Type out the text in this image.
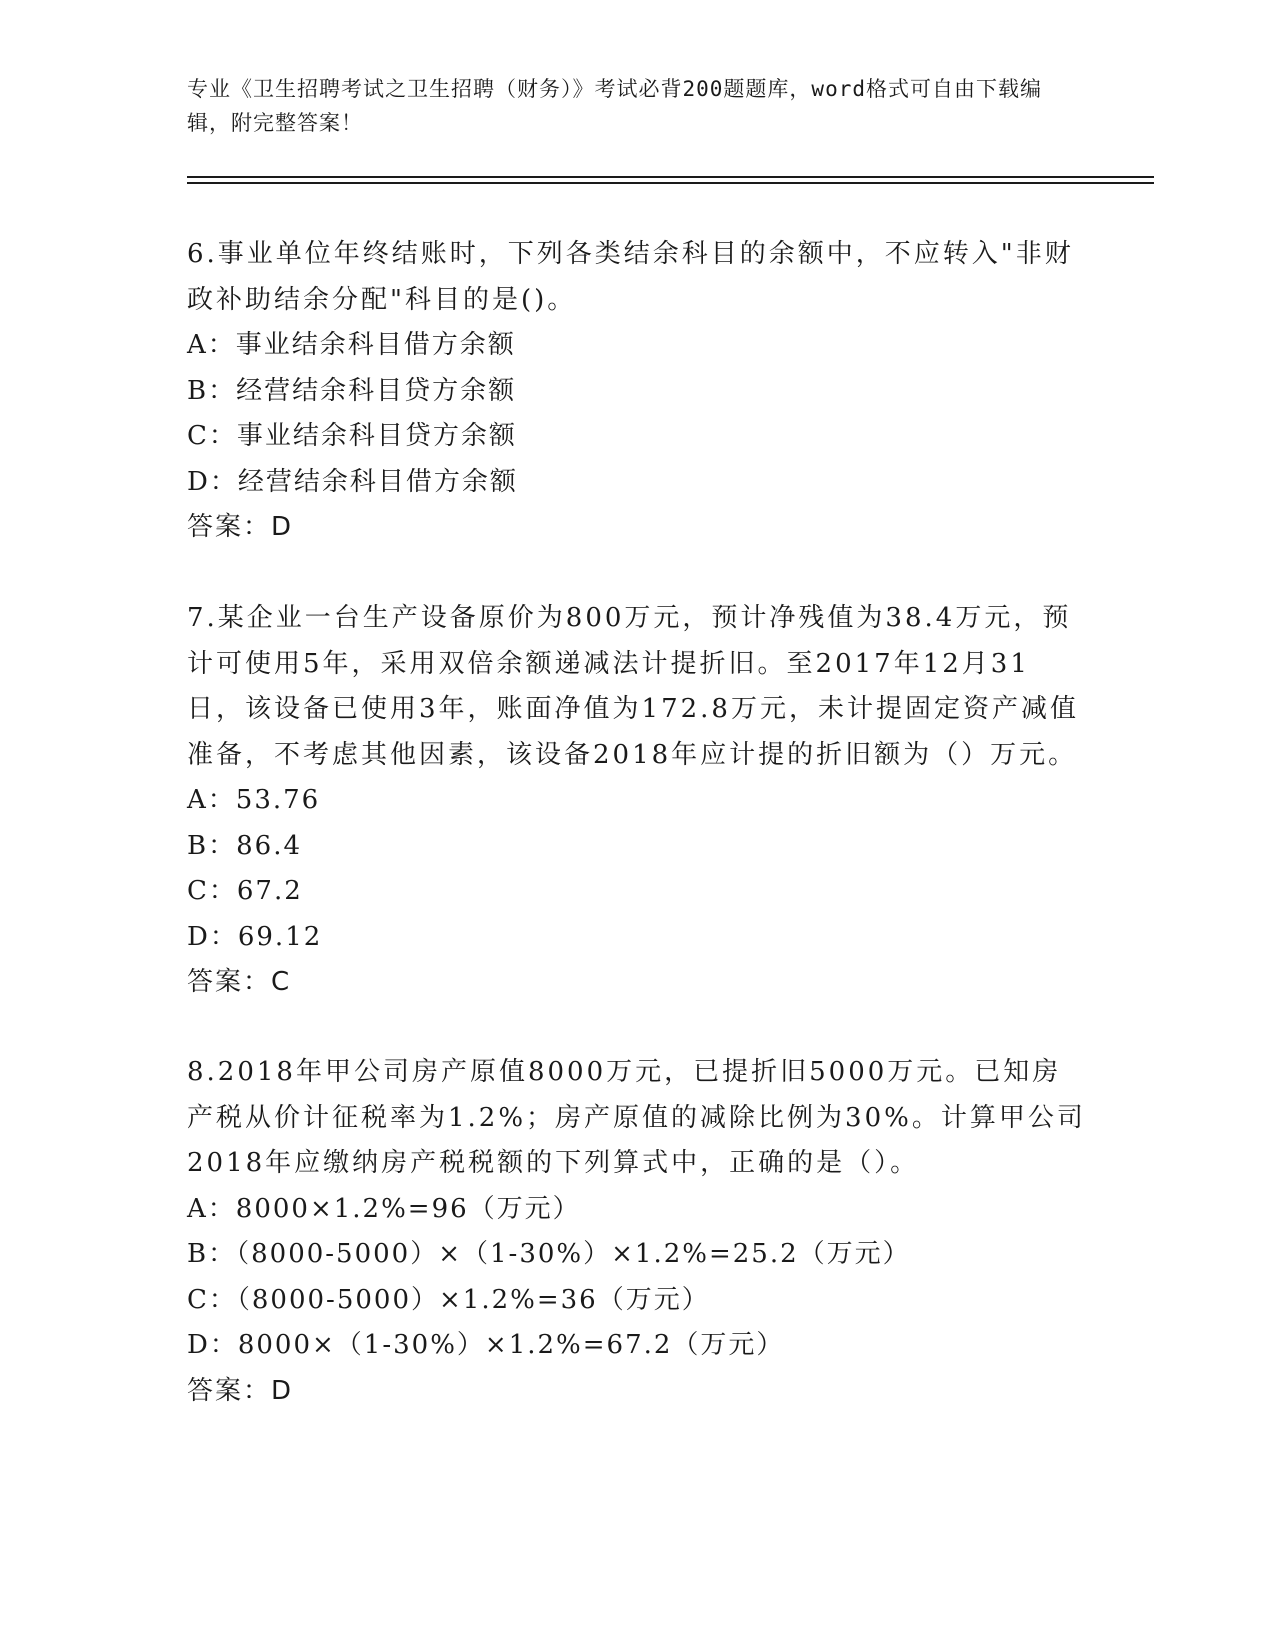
专业《卫生招聘考试之卫生招聘（财务）》考试必背200题题库，word格式可自由下载编辑，附完整答案！

6.事业单位年终结账时，下列各类结余科目的余额中，不应转入"非财政补助结余分配"科目的是()。

A：事业结余科目借方余额

B：经营结余科目贷方余额

C：事业结余科目贷方余额

D：经营结余科目借方余额

答案：D

7.某企业一台生产设备原价为800万元，预计净残值为38.4万元，预计可使用5年，采用双倍余额递减法计提折旧。至2017年12月31日，该设备已使用3年，账面净值为172.8万元，未计提固定资产减值准备，不考虑其他因素，该设备2018年应计提的折旧额为（）万元。

A：53.76

B：86.4

C：67.2

D：69.12

答案：C

8.2018年甲公司房产原值8000万元，已提折旧5000万元。已知房产税从价计征税率为1.2%；房产原值的减除比例为30%。计算甲公司2018年应缴纳房产税税额的下列算式中，正确的是（）。

A：8000×1.2%=96（万元）

B：（8000-5000）×（1-30%）×1.2%=25.2（万元）

C：（8000-5000）×1.2%=36（万元）

D：8000×（1-30%）×1.2%=67.2（万元）

答案：D
